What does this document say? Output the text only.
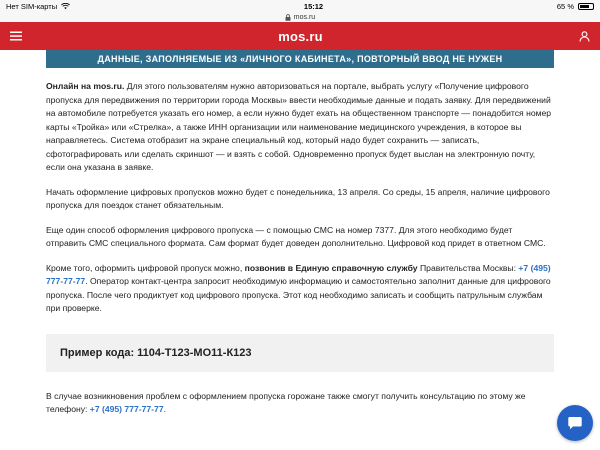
Нет SIM-карты	15:12	65 %
mos.ru
mos.ru
ДАННЫЕ, ЗАПОЛНЯЕМЫЕ ИЗ «ЛИЧНОГО КАБИНЕТА», ПОВТОРНЫЙ ВВОД НЕ НУЖЕН

Онлайн на mos.ru. Для этого пользователям нужно авторизоваться на портале, выбрать услугу «Получение цифрового пропуска для передвижения по территории города Москвы» ввести необходимые данные и подать заявку. Для передвижений на автомобиле потребуется указать его номер, а если нужно будет ехать на общественном транспорте — понадобится номер карты «Тройка» или «Стрелка», а также ИНН организации или наименование медицинского учреждения, в которое вы направляетесь. Система отобразит на экране специальный код, который надо будет сохранить — записать, сфотографировать или сделать скриншот — и взять с собой. Одновременно пропуск будет выслан на электронную почту, если она указана в заявке.

Начать оформление цифровых пропусков можно будет с понедельника, 13 апреля. Со среды, 15 апреля, наличие цифрового пропуска для поездок станет обязательным.

Еще один способ оформления цифрового пропуска — с помощью СМС на номер 7377. Для этого необходимо будет отправить СМС специального формата. Сам формат будет доведен дополнительно. Цифровой код придет в ответном СМС.

Кроме того, оформить цифровой пропуск можно, позвонив в Единую справочную службу Правительства Москвы: +7 (495) 777-77-77. Оператор контакт-центра запросит необходимую информацию и самостоятельно заполнит данные для цифрового пропуска. После чего продиктует код цифрового пропуска. Этот код необходимо записать и сообщить патрульным службам при проверке.

Пример кода: 1104-Т123-МО11-К123

В случае возникновения проблем с оформлением пропуска горожане также смогут получить консультацию по этому же телефону: +7 (495) 777-77-77.
